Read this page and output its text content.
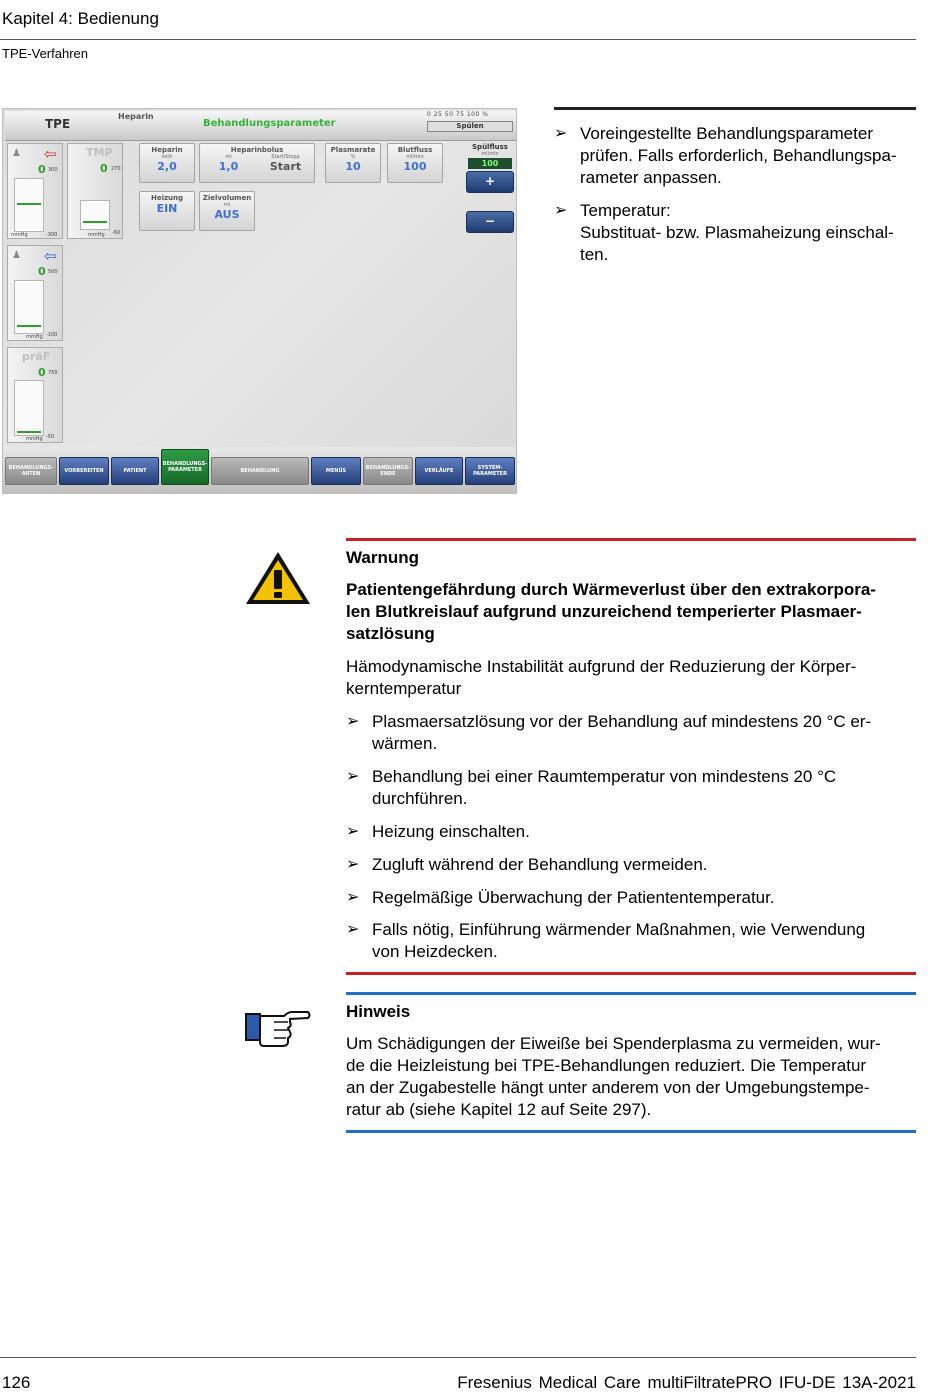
Kapitel 4: Bedienung
TPE-Verfahren
TPE
Heparin
Behandlungsparameter
0 25 50 75 100 %
Spülen
♟ ⇦
0 300
mmHg	-300
TMP
0 270
mmHg -60
♟ ⇦
0 500
mmHg -100
präF
0 750
mmHg -50
Heparin
ml/h
2,0
Heparinbolus
ml
1,0
Start/Stopp
Start
Plasmarate
%
10
Blutfluss
ml/min
100
Heizung
EIN
Zielvolumen
ml
AUS
Spülfluss
ml/min
100
+
−
BEHANDLUNGS-ARTEN	VORBEREITEN	PATIENT
BEHANDLUNGS-PARAMETER	BEHANDLUNG	MENÜS	BEHANDLUNGS-ENDE	VERLÄUFE	SYSTEM-PARAMETER
➢ Voreingestellte Behandlungsparameter
prüfen. Falls erforderlich, Behandlungspa-
rameter anpassen.
➢ Temperatur:
Substituat- bzw. Plasmaheizung einschal-
ten.
Warnung
Patientengefährdung durch Wärmeverlust über den extrakorpora-
len Blutkreislauf aufgrund unzureichend temperierter Plasmaer-
satzlösung
Hämodynamische Instabilität aufgrund der Reduzierung der Körper-
kerntemperatur
➢ Plasmaersatzlösung vor der Behandlung auf mindestens 20 °C er-
wärmen.
➢ Behandlung bei einer Raumtemperatur von mindestens 20 °C
durchführen.
➢ Heizung einschalten.
➢ Zugluft während der Behandlung vermeiden.
➢ Regelmäßige Überwachung der Patiententemperatur.
➢ Falls nötig, Einführung wärmender Maßnahmen, wie Verwendung
von Heizdecken.
Hinweis
Um Schädigungen der Eiweiße bei Spenderplasma zu vermeiden, wur-
de die Heizleistung bei TPE-Behandlungen reduziert. Die Temperatur
an der Zugabestelle hängt unter anderem von der Umgebungstempe-
ratur ab (siehe Kapitel 12 auf Seite 297).
126	Fresenius Medical Care multiFiltratePRO IFU-DE 13A-2021
